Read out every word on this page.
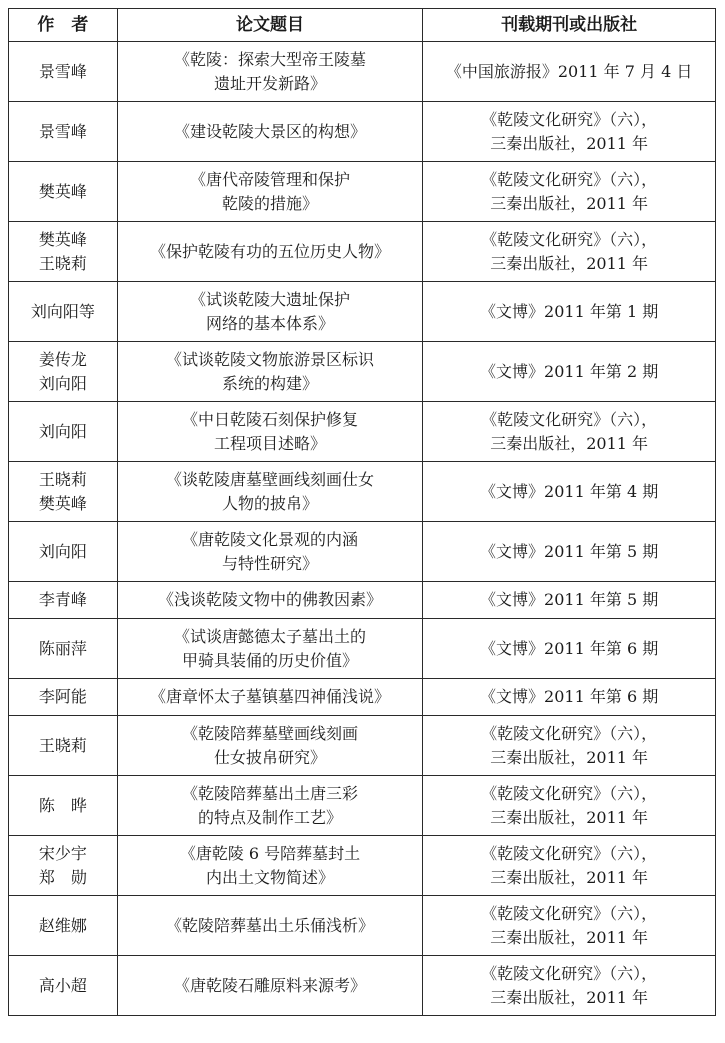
作　者	论文题目	刊载期刊或出版社

景雪峰	《乾陵：探索大型帝王陵墓
遗址开发新路》	《中国旅游报》2011 年 7 月 4 日

景雪峰	《建设乾陵大景区的构想》	《乾陵文化研究》（六），
三秦出版社，2011 年

樊英峰	《唐代帝陵管理和保护
乾陵的措施》	《乾陵文化研究》（六），
三秦出版社，2011 年

樊英峰
王晓莉	《保护乾陵有功的五位历史人物》	《乾陵文化研究》（六），
三秦出版社，2011 年

刘向阳等	《试谈乾陵大遗址保护
网络的基本体系》	《文博》2011 年第 1 期

姜传龙
刘向阳	《试谈乾陵文物旅游景区标识
系统的构建》	《文博》2011 年第 2 期

刘向阳	《中日乾陵石刻保护修复
工程项目述略》	《乾陵文化研究》（六），
三秦出版社，2011 年

王晓莉
樊英峰	《谈乾陵唐墓壁画线刻画仕女
人物的披帛》	《文博》2011 年第 4 期

刘向阳	《唐乾陵文化景观的内涵
与特性研究》	《文博》2011 年第 5 期

李青峰	《浅谈乾陵文物中的佛教因素》	《文博》2011 年第 5 期

陈丽萍	《试谈唐懿德太子墓出土的
甲骑具装俑的历史价值》	《文博》2011 年第 6 期

李阿能	《唐章怀太子墓镇墓四神俑浅说》	《文博》2011 年第 6 期

王晓莉	《乾陵陪葬墓壁画线刻画
仕女披帛研究》	《乾陵文化研究》（六），
三秦出版社，2011 年

陈　晔	《乾陵陪葬墓出土唐三彩
的特点及制作工艺》	《乾陵文化研究》（六），
三秦出版社，2011 年

宋少宇
郑　勋	《唐乾陵 6 号陪葬墓封土
内出土文物简述》	《乾陵文化研究》（六），
三秦出版社，2011 年

赵维娜	《乾陵陪葬墓出土乐俑浅析》	《乾陵文化研究》（六），
三秦出版社，2011 年

高小超	《唐乾陵石雕原料来源考》	《乾陵文化研究》（六），
三秦出版社，2011 年
